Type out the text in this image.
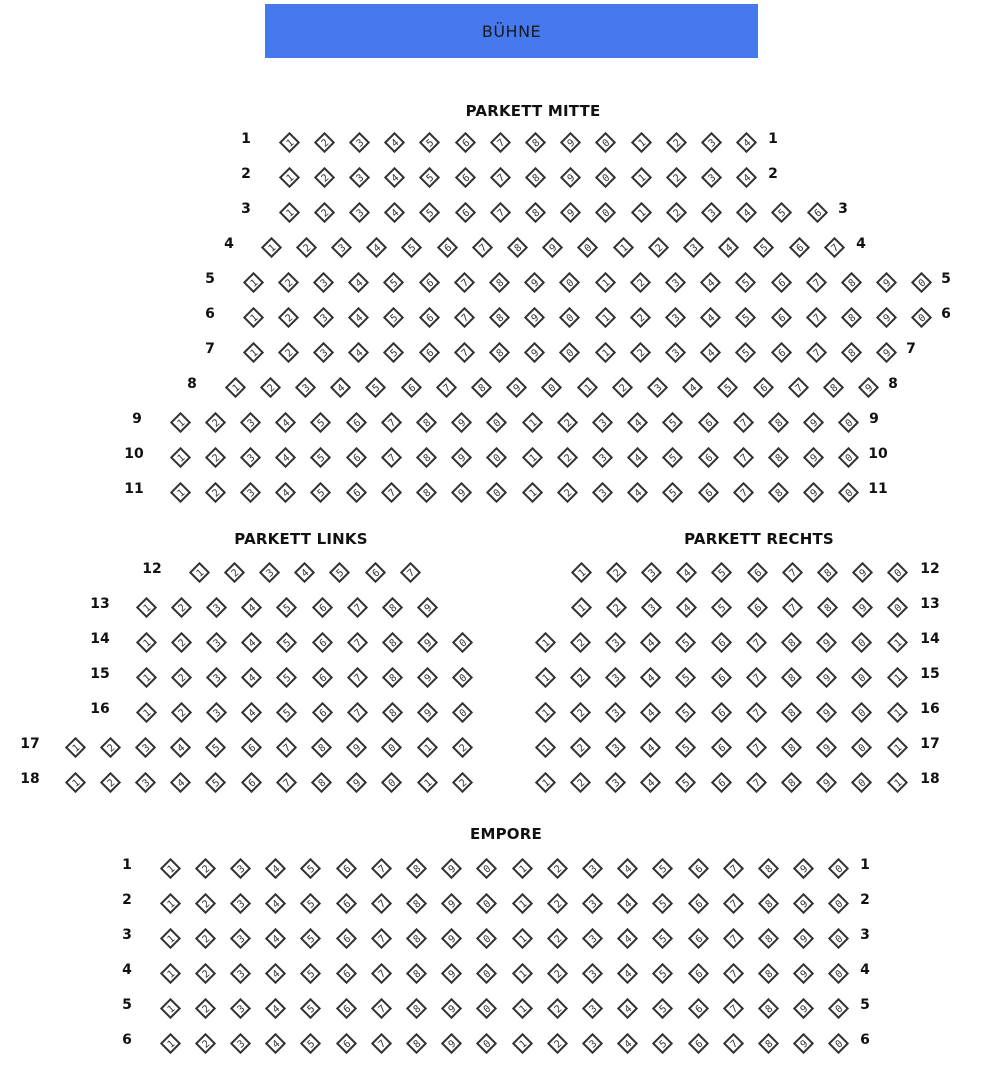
BÜHNE
PARKETT MITTE
1	1
1	2	3	4	5	6	7	8	9	0	1	2	3	4
2	2
1	2	3	4	5	6	7	8	9	0	1	2	3	4
3	3
1	2	3	4	5	6	7	8	9	0	1	2	3	4	5	6
4	4
1	2	3	4	5	6	7	8	9	0	1	2	3	4	5	6	7
5	5
1	2	3	4	5	6	7	8	9	0	1	2	3	4	5	6	7	8	9	0
6	6
1	2	3	4	5	6	7	8	9	0	1	2	3	4	5	6	7	8	9	0
7	7
1	2	3	4	5	6	7	8	9	0	1	2	3	4	5	6	7	8	9
8	8
1	2	3	4	5	6	7	8	9	0	1	2	3	4	5	6	7	8	9
9	9
1	2	3	4	5	6	7	8	9	0	1	2	3	4	5	6	7	8	9	0
10	10
1	2	3	4	5	6	7	8	9	0	1	2	3	4	5	6	7	8	9	0
11	11
1	2	3	4	5	6	7	8	9	0	1	2	3	4	5	6	7	8	9	0
PARKETT LINKS
12	1	2	3	4	5	6	7
13	1	2	3	4	5	6	7	8	9
14	1	2	3	4	5	6	7	8	9	0
15	1	2	3	4	5	6	7	8	9	0
16	1	2	3	4	5	6	7	8	9	0
17	1	2	3	4	5	6	7	8	9	0	1	2
18	1	2	3	4	5	6	7	8	9	0	1	2
PARKETT RECHTS
12
1	2	3	4	5	6	7	8	9	0
13
1	2	3	4	5	6	7	8	9	0
14
1	2	3	4	5	6	7	8	9	0	1
15
1	2	3	4	5	6	7	8	9	0	1
16
1	2	3	4	5	6	7	8	9	0	1
17
1	2	3	4	5	6	7	8	9	0	1
18
1	2	3	4	5	6	7	8	9	0	1
EMPORE
1	1
1	2	3	4	5	6	7	8	9	0	1	2	3	4	5	6	7	8	9	0
2	2
1	2	3	4	5	6	7	8	9	0	1	2	3	4	5	6	7	8	9	0
3	3
1	2	3	4	5	6	7	8	9	0	1	2	3	4	5	6	7	8	9	0
4	4
1	2	3	4	5	6	7	8	9	0	1	2	3	4	5	6	7	8	9	0
5	5
1	2	3	4	5	6	7	8	9	0	1	2	3	4	5	6	7	8	9	0
6	6
1	2	3	4	5	6	7	8	9	0	1	2	3	4	5	6	7	8	9	0
